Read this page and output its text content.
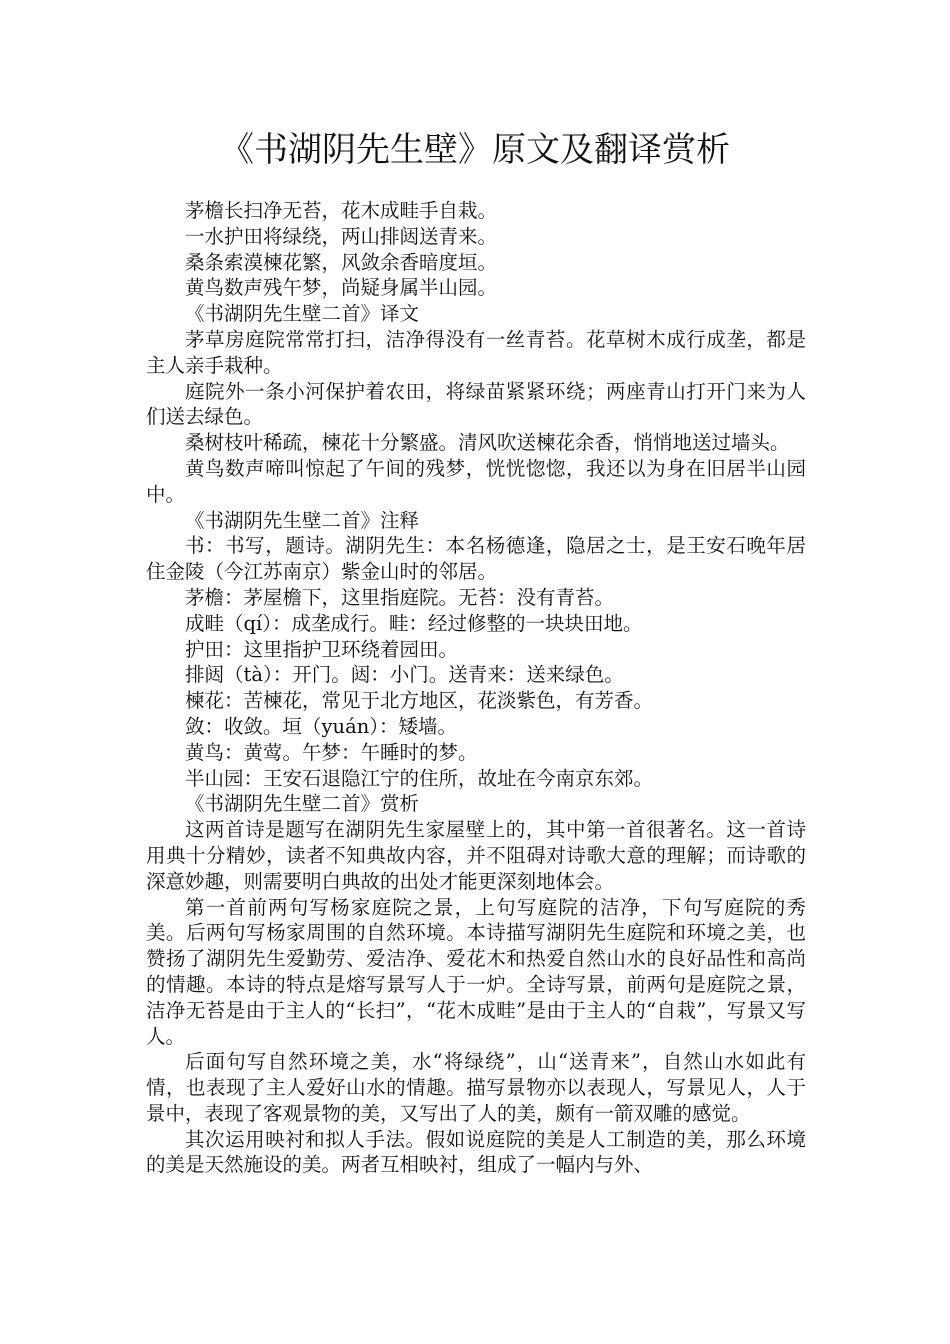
《书湖阴先生壁》原文及翻译赏析

茅檐长扫净无苔，花木成畦手自栽。

一水护田将绿绕，两山排闼送青来。

桑条索漠楝花繁，风敛余香暗度垣。

黄鸟数声残午梦，尚疑身属半山园。

《书湖阴先生壁二首》译文

茅草房庭院常常打扫，洁净得没有一丝青苔。花草树木成行成垄，都是主人亲手栽种。

庭院外一条小河保护着农田，将绿苗紧紧环绕；两座青山打开门来为人们送去绿色。

桑树枝叶稀疏，楝花十分繁盛。清风吹送楝花余香，悄悄地送过墙头。

黄鸟数声啼叫惊起了午间的残梦，恍恍惚惚，我还以为身在旧居半山园中。

《书湖阴先生壁二首》注释

书：书写，题诗。湖阴先生：本名杨德逢，隐居之士，是王安石晚年居住金陵（今江苏南京）紫金山时的邻居。

茅檐：茅屋檐下，这里指庭院。无苔：没有青苔。

成畦（qí）：成垄成行。畦：经过修整的一块块田地。

护田：这里指护卫环绕着园田。

排闼（tà）：开门。闼：小门。送青来：送来绿色。

楝花：苦楝花，常见于北方地区，花淡紫色，有芳香。

敛：收敛。垣（yuán）：矮墙。

黄鸟：黄莺。午梦：午睡时的梦。

半山园：王安石退隐江宁的住所，故址在今南京东郊。

《书湖阴先生壁二首》赏析

这两首诗是题写在湖阴先生家屋壁上的，其中第一首很著名。这一首诗用典十分精妙，读者不知典故内容，并不阻碍对诗歌大意的理解；而诗歌的深意妙趣，则需要明白典故的出处才能更深刻地体会。

第一首前两句写杨家庭院之景，上句写庭院的洁净，下句写庭院的秀美。后两句写杨家周围的自然环境。本诗描写湖阴先生庭院和环境之美，也赞扬了湖阴先生爱勤劳、爱洁净、爱花木和热爱自然山水的良好品性和高尚的情趣。本诗的特点是熔写景写人于一炉。全诗写景，前两句是庭院之景，洁净无苔是由于主人的“长扫”，“花木成畦”是由于主人的“自栽”，写景又写人。

后面句写自然环境之美，水“将绿绕”，山“送青来”，自然山水如此有情，也表现了主人爱好山水的情趣。描写景物亦以表现人，写景见人，人于景中，表现了客观景物的美，又写出了人的美，颇有一箭双雕的感觉。

其次运用映衬和拟人手法。假如说庭院的美是人工制造的美，那么环境的美是天然施设的美。两者互相映衬，组成了一幅内与外、
